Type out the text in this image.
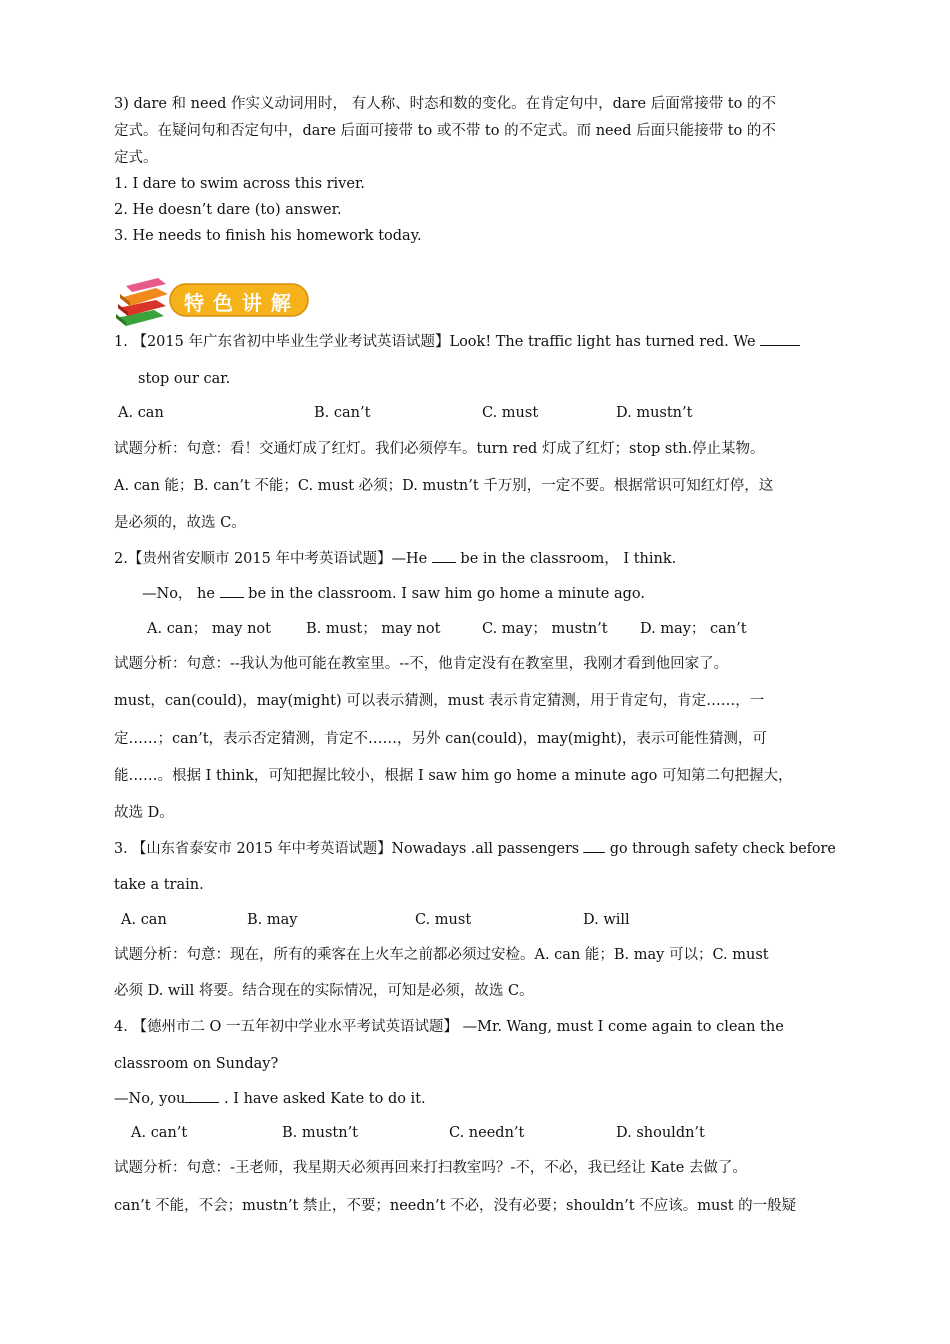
3) dare 和 need 作实义动词用时， 有人称、时态和数的变化。在肯定句中，dare 后面常接带 to 的不
定式。在疑问句和否定句中，dare 后面可接带 to 或不带 to 的不定式。而 need 后面只能接带 to 的不
定式。
1. I dare to swim across this river.
2. He doesn’t dare (to) answer.
3. He needs to finish his homework today.
特 色 讲 解
1. 【2015 年广东省初中毕业生学业考试英语试题】Look! The traffic light has turned red. We
stop our car.
A. can	B. can’t	C. must	D. mustn’t
试题分析：句意：看！交通灯成了红灯。我们必须停车。turn red 灯成了红灯；stop sth.停止某物。
A. can 能；B. can’t 不能；C. must 必须；D. mustn’t 千万别，一定不要。根据常识可知红灯停，这
是必须的，故选 C。
2.【贵州省安顺市 2015 年中考英语试题】—He  be in the classroom， I think.
—No， he  be in the classroom. I saw him go home a minute ago.
A. can； may not B. must； may not	C. may； mustn’t D. may； can’t
试题分析：句意：--我认为他可能在教室里。--不，他肯定没有在教室里，我刚才看到他回家了。
must，can(could)，may(might) 可以表示猜测，must 表示肯定猜测，用于肯定句，肯定……，一
定……；can’t，表示否定猜测，肯定不……，另外 can(could)，may(might)，表示可能性猜测，可
能……。根据 I think，可知把握比较小，根据 I saw him go home a minute ago 可知第二句把握大，
故选 D。
3. 【山东省泰安市 2015 年中考英语试题】Nowadays .all passengers  go through safety check before
take a train.
A. can	B. may	C. must	D. will
试题分析：句意：现在，所有的乘客在上火车之前都必须过安检。A. can 能；B. may 可以；C. must
必须 D. will 将要。结合现在的实际情况，可知是必须，故选 C。
4. 【德州市二 O 一五年初中学业水平考试英语试题】 —Mr. Wang, must I come again to clean the
classroom on Sunday?
—No, you . I have asked Kate to do it.
A. can’t	B. mustn’t	C. needn’t	D. shouldn’t
试题分析：句意：-王老师，我星期天必须再回来打扫教室吗？-不，不必，我已经让 Kate 去做了。
can’t 不能，不会；mustn’t 禁止，不要；needn’t 不必，没有必要；shouldn’t 不应该。must 的一般疑
